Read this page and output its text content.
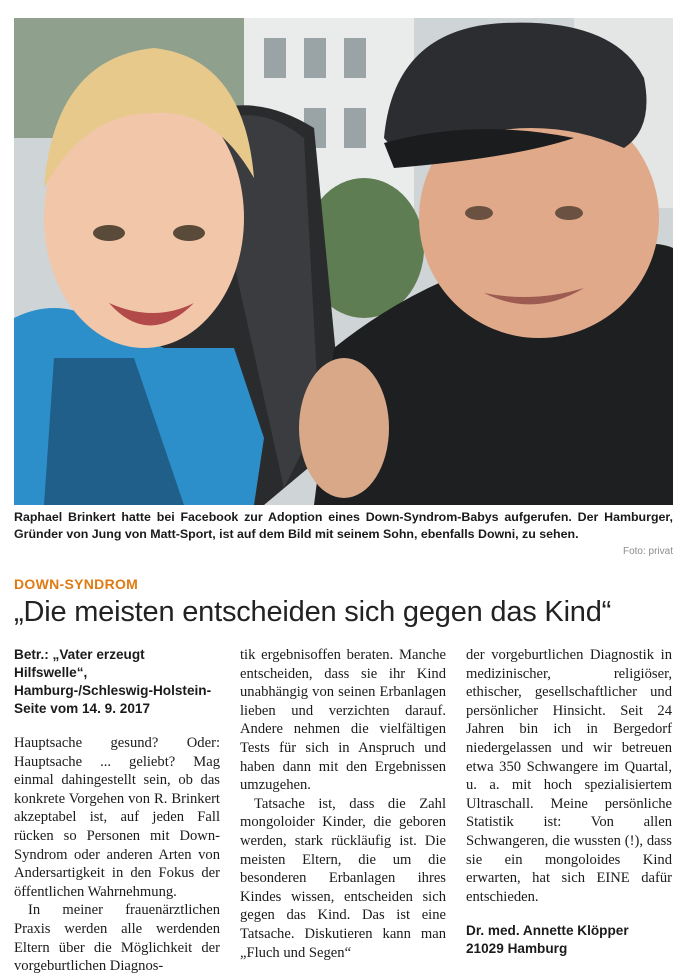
Raphael Brinkert hatte bei Facebook zur Adoption eines Down-Syndrom-Babys aufgerufen. Der Hamburger, Gründer von Jung von Matt-Sport, ist auf dem Bild mit seinem Sohn, ebenfalls Downi, zu sehen.
Foto: privat
DOWN-SYNDROM
„Die meisten entscheiden sich gegen das Kind“
Betr.: „Vater erzeugt Hilfswelle“, Hamburg-/Schleswig-Holstein-Seite vom 14. 9. 2017

Hauptsache gesund? Oder: Hauptsache ... geliebt? Mag einmal dahingestellt sein, ob das konkrete Vorgehen von R. Brinkert akzeptabel ist, auf jeden Fall rücken so Personen mit Down-Syndrom oder anderen Arten von Andersartigkeit in den Fokus der öffentlichen Wahrnehmung.

In meiner frauenärztlichen Praxis werden alle werdenden Eltern über die Möglichkeit der vorgeburtlichen Diagnos-

tik ergebnisoffen beraten. Manche entscheiden, dass sie ihr Kind unabhängig von seinen Erbanlagen lieben und verzichten darauf. Andere nehmen die vielfältigen Tests für sich in Anspruch und haben dann mit den Ergebnissen umzugehen.

Tatsache ist, dass die Zahl mongoloider Kinder, die geboren werden, stark rückläufig ist. Die meisten Eltern, die um die besonderen Erbanlagen ihres Kindes wissen, entscheiden sich gegen das Kind. Das ist eine Tatsache. Diskutieren kann man „Fluch und Segen“

der vorgeburtlichen Diagnostik in medizinischer, religiöser, ethischer, gesellschaftlicher und persönlicher Hinsicht. Seit 24 Jahren bin ich in Bergedorf niedergelassen und wir betreuen etwa 350 Schwangere im Quartal, u. a. mit hoch spezialisiertem Ultraschall. Meine persönliche Statistik ist: Von allen Schwangeren, die wussten (!), dass sie ein mongoloides Kind erwarten, hat sich EINE dafür entschieden.

Dr. med. Annette Klöpper
21029 Hamburg
